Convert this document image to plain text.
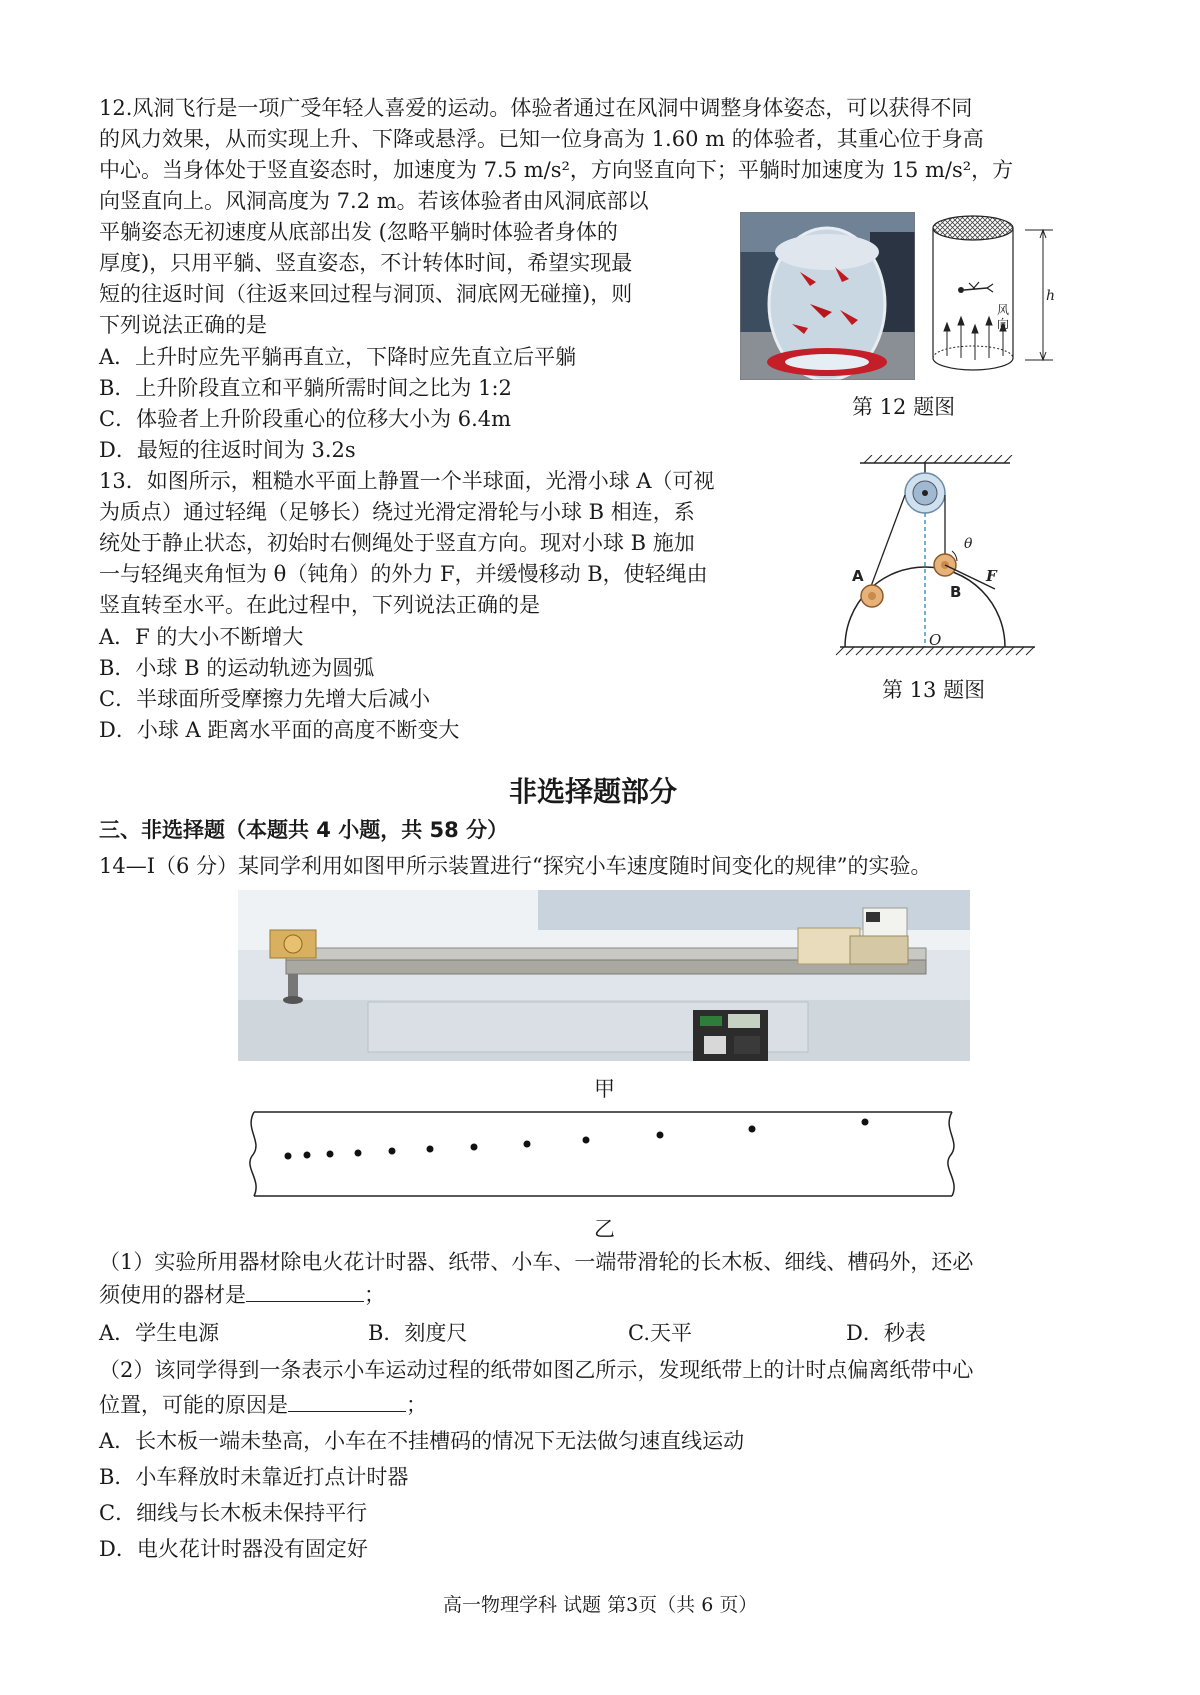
12.风洞飞行是一项广受年轻人喜爱的运动。体验者通过在风洞中调整身体姿态，可以获得不同
的风力效果，从而实现上升、下降或悬浮。已知一位身高为 1.60 m 的体验者，其重心位于身高
中心。当身体处于竖直姿态时，加速度为 7.5 m/s²，方向竖直向下；平躺时加速度为 15 m/s²，方
向竖直向上。风洞高度为 7.2 m。若该体验者由风洞底部以
平躺姿态无初速度从底部出发 (忽略平躺时体验者身体的
厚度)，只用平躺、竖直姿态，不计转体时间，希望实现最
短的往返时间（往返来回过程与洞顶、洞底网无碰撞)，则
下列说法正确的是
A．上升时应先平躺再直立，下降时应先直立后平躺
B．上升阶段直立和平躺所需时间之比为 1:2
C．体验者上升阶段重心的位移大小为 6.4m
D．最短的往返时间为 3.2s
风 向
h
第 12 题图
13．如图所示，粗糙水平面上静置一个半球面，光滑小球 A（可视
为质点）通过轻绳（足够长）绕过光滑定滑轮与小球 B 相连，系
统处于静止状态，初始时右侧绳处于竖直方向。现对小球 B 施加
一与轻绳夹角恒为 θ（钝角）的外力 F，并缓慢移动 B，使轻绳由
竖直转至水平。在此过程中，下列说法正确的是
A．F 的大小不断增大
B．小球 B 的运动轨迹为圆弧
C．半球面所受摩擦力先增大后减小
D．小球 A 距离水平面的高度不断变大
A
B
O
F
θ
第 13 题图
非选择题部分
三、非选择题（本题共 4 小题，共 58 分）
14—I（6 分）某同学利用如图甲所示装置进行“探究小车速度随时间变化的规律”的实验。
甲
乙
（1）实验所用器材除电火花计时器、纸带、小车、一端带滑轮的长木板、细线、槽码外，还必
须使用的器材是	；
A．学生电源	B．刻度尺	C.天平	D．秒表
（2）该同学得到一条表示小车运动过程的纸带如图乙所示，发现纸带上的计时点偏离纸带中心
位置，可能的原因是	；
A．长木板一端未垫高，小车在不挂槽码的情况下无法做匀速直线运动
B．小车释放时未靠近打点计时器
C．细线与长木板未保持平行
D．电火花计时器没有固定好
高一物理学科 试题 第3页（共 6 页）
